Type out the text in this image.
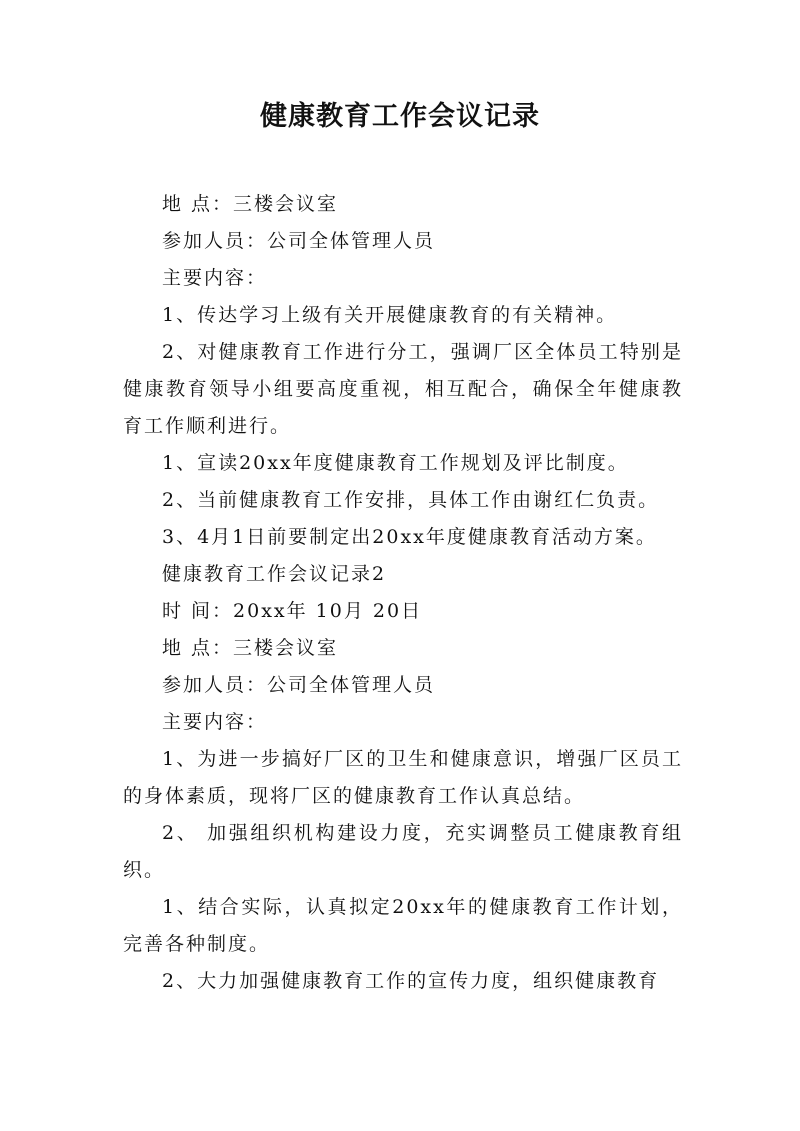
健康教育工作会议记录

地 点：三楼会议室

参加人员：公司全体管理人员

主要内容：

1、传达学习上级有关开展健康教育的有关精神。

2、对健康教育工作进行分工，强调厂区全体员工特别是健康教育领导小组要高度重视，相互配合，确保全年健康教育工作顺利进行。

1、宣读20xx年度健康教育工作规划及评比制度。

2、当前健康教育工作安排，具体工作由谢红仁负责。

3、4月1日前要制定出20xx年度健康教育活动方案。

健康教育工作会议记录2

时 间：20xx年 10月 20日

地 点：三楼会议室

参加人员：公司全体管理人员

主要内容：

1、为进一步搞好厂区的卫生和健康意识，增强厂区员工的身体素质，现将厂区的健康教育工作认真总结。

2、 加强组织机构建设力度，充实调整员工健康教育组织。

1、结合实际，认真拟定20xx年的健康教育工作计划，完善各种制度。

2、大力加强健康教育工作的宣传力度，组织健康教育
